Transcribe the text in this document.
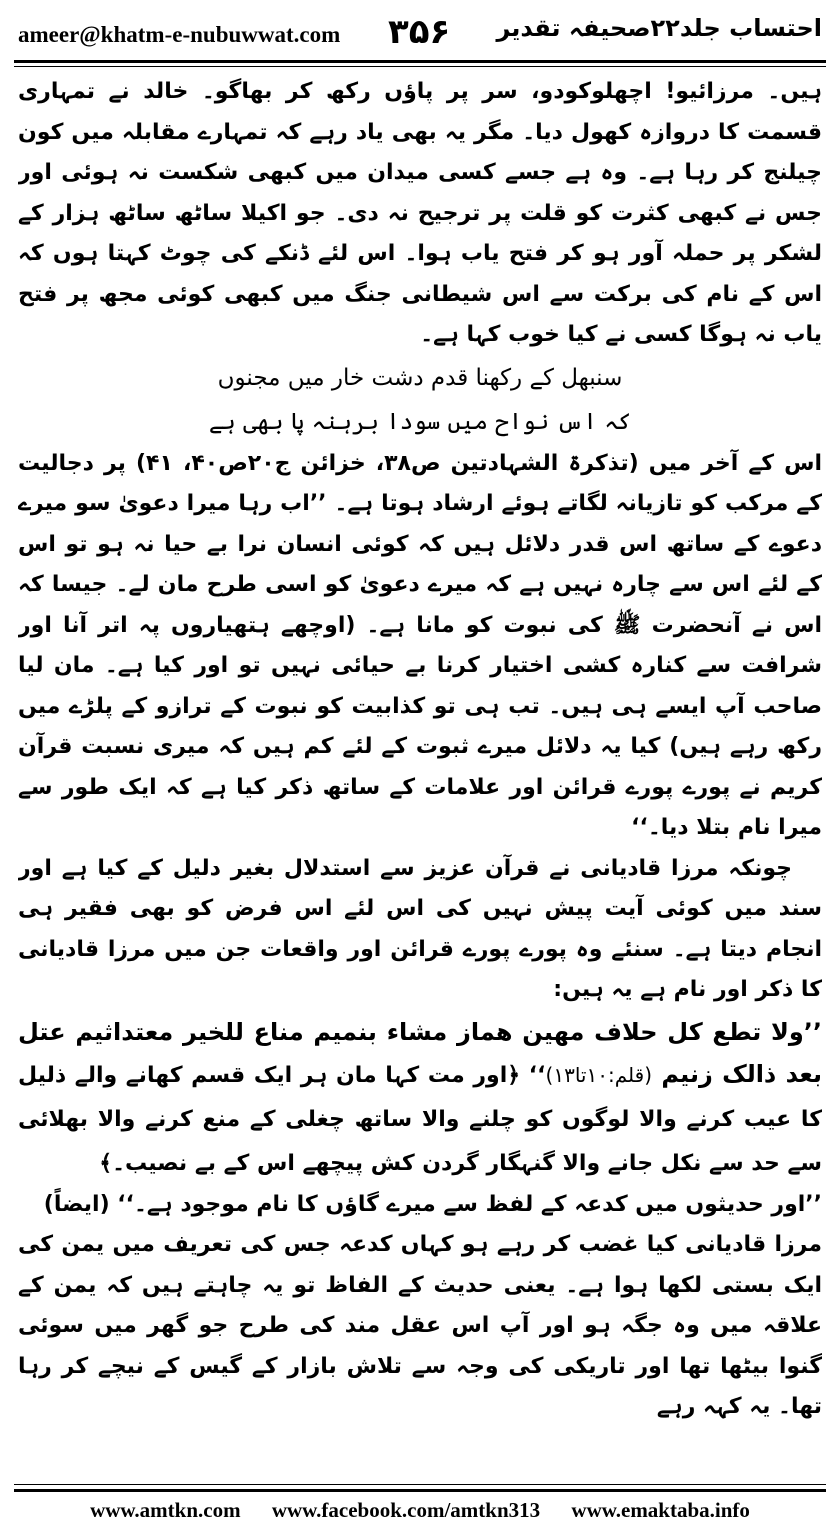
ameer@khatm-e-nubuwwat.com ۳۵۶ احتساب جلد۲۲صحیفہ تقدیر

ہیں۔ مرزائیو! اچھلوکودو، سر پر پاؤں رکھ کر بھاگو۔ خالد نے تمہاری قسمت کا دروازہ کھول دیا۔ مگر یہ بھی یاد رہے کہ تمہارے مقابلہ میں کون چیلنج کر رہا ہے۔ وہ ہے جسے کسی میدان میں کبھی شکست نہ ہوئی اور جس نے کبھی کثرت کو قلت پر ترجیح نہ دی۔ جو اکیلا ساٹھ ساٹھ ہزار کے لشکر پر حملہ آور ہو کر فتح یاب ہوا۔ اس لئے ڈنکے کی چوٹ کہتا ہوں کہ اس کے نام کی برکت سے اس شیطانی جنگ میں کبھی کوئی مجھ پر فتح یاب نہ ہوگا کسی نے کیا خوب کہا ہے۔

سنبھل کے رکھنا قدم دشت خار میں مجنوں

کہ اس نواح میں سودا برہنہ پا بھی ہے

اس کے آخر میں (تذکرۃ الشہادتین ص۳۸، خزائن ج۲۰ص۴۰، ۴۱) پر دجالیت کے مرکب کو تازیانہ لگاتے ہوئے ارشاد ہوتا ہے۔ ’’اب رہا میرا دعویٰ سو میرے دعوے کے ساتھ اس قدر دلائل ہیں کہ کوئی انسان نرا بے حیا نہ ہو تو اس کے لئے اس سے چارہ نہیں ہے کہ میرے دعویٰ کو اسی طرح مان لے۔ جیسا کہ اس نے آنحضرت ﷺ کی نبوت کو مانا ہے۔ (اوچھے ہتھیاروں پہ اتر آنا اور شرافت سے کنارہ کشی اختیار کرنا بے حیائی نہیں تو اور کیا ہے۔ مان لیا صاحب آپ ایسے ہی ہیں۔ تب ہی تو کذابیت کو نبوت کے ترازو کے پلڑے میں رکھ رہے ہیں) کیا یہ دلائل میرے ثبوت کے لئے کم ہیں کہ میری نسبت قرآن کریم نے پورے پورے قرائن اور علامات کے ساتھ ذکر کیا ہے کہ ایک طور سے میرا نام بتلا دیا۔‘‘

چونکہ مرزا قادیانی نے قرآن عزیز سے استدلال بغیر دلیل کے کیا ہے اور سند میں کوئی آیت پیش نہیں کی اس لئے اس فرض کو بھی فقیر ہی انجام دیتا ہے۔ سنئے وہ پورے پورے قرائن اور واقعات جن میں مرزا قادیانی کا ذکر اور نام ہے یہ ہیں:

’’ولا تطع کل حلاف مھین ھماز مشاء بنمیم مناع للخیر معتداثیم عتل بعد ذالک زنیم (قلم:۱۰تا۱۳)‘‘ ﴿اور مت کہا مان ہر ایک قسم کھانے والے ذلیل کا عیب کرنے والا لوگوں کو چلنے والا ساتھ چغلی کے منع کرنے والا بھلائی سے حد سے نکل جانے والا گنہگار گردن کش پیچھے اس کے بے نصیب۔﴾

’’اور حدیثوں میں کدعہ کے لفظ سے میرے گاؤں کا نام موجود ہے۔‘‘ (ایضاً)

مرزا قادیانی کیا غضب کر رہے ہو کہاں کدعہ جس کی تعریف میں یمن کی ایک بستی لکھا ہوا ہے۔ یعنی حدیث کے الفاظ تو یہ چاہتے ہیں کہ یمن کے علاقہ میں وہ جگہ ہو اور آپ اس عقل مند کی طرح جو گھر میں سوئی گنوا بیٹھا تھا اور تاریکی کی وجہ سے تلاش بازار کے گیس کے نیچے کر رہا تھا۔ یہ کہہ رہے

www.amtkn.com www.facebook.com/amtkn313 www.emaktaba.info
